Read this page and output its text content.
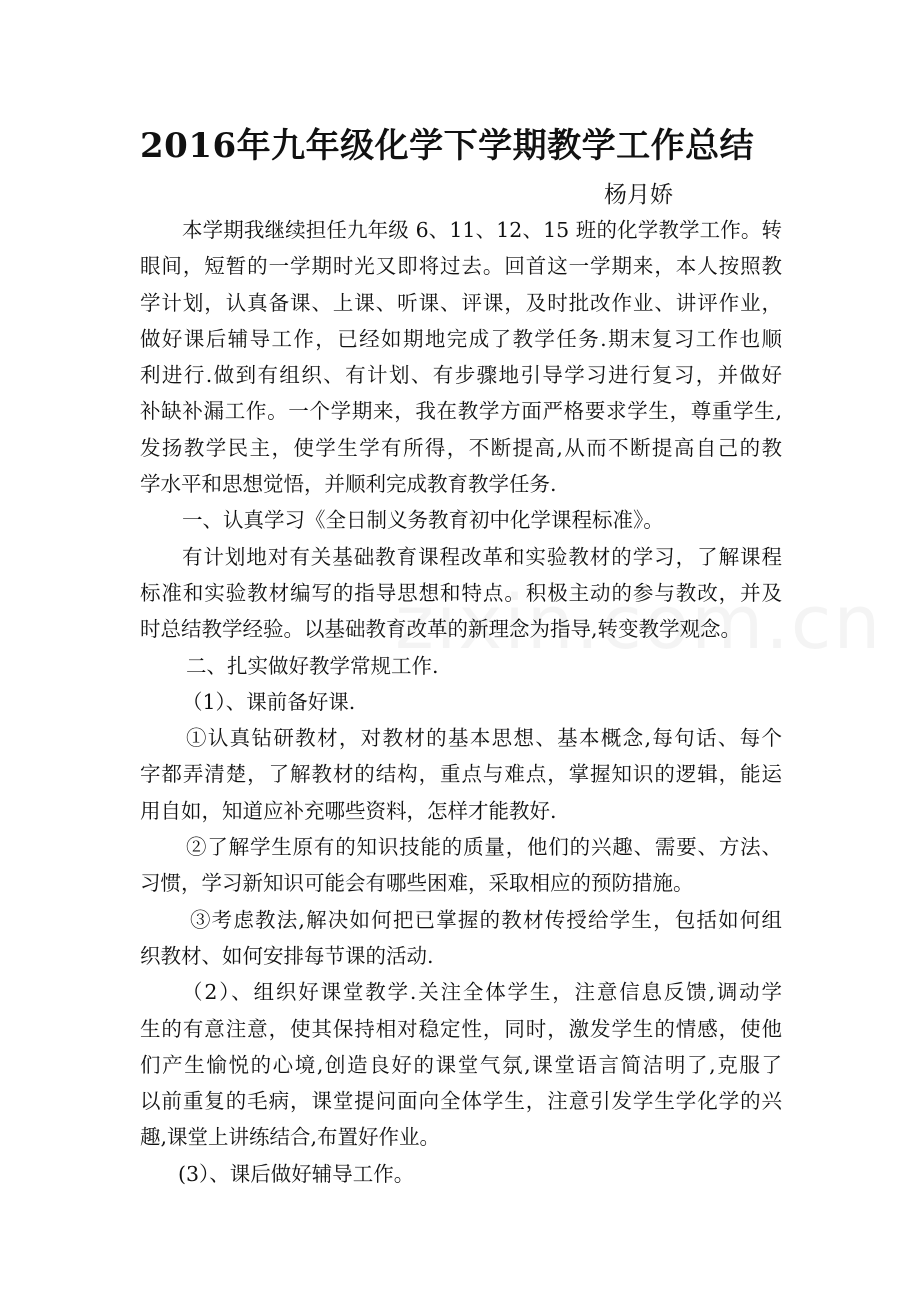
2016年九年级化学下学期教学工作总结
杨月娇
本学期我继续担任九年级 6、11、12、15 班的化学教学工作。转
眼间，短暂的一学期时光又即将过去。回首这一学期来，本人按照教
学计划，认真备课、上课、听课、评课，及时批改作业、讲评作业，
做好课后辅导工作，已经如期地完成了教学任务.期末复习工作也顺
利进行.做到有组织、有计划、有步骤地引导学习进行复习，并做好
补缺补漏工作。一个学期来，我在教学方面严格要求学生，尊重学生,
发扬教学民主，使学生学有所得，不断提高,从而不断提高自己的教
学水平和思想觉悟，并顺利完成教育教学任务.
一、认真学习《全日制义务教育初中化学课程标准》。
有计划地对有关基础教育课程改革和实验教材的学习，了解课程
标准和实验教材编写的指导思想和特点。积极主动的参与教改，并及
时总结教学经验。以基础教育改革的新理念为指导,转变教学观念。
二、扎实做好教学常规工作.
（1）、课前备好课.
①认真钻研教材，对教材的基本思想、基本概念,每句话、每个
字都弄清楚，了解教材的结构，重点与难点，掌握知识的逻辑，能运
用自如，知道应补充哪些资料，怎样才能教好.
②了解学生原有的知识技能的质量，他们的兴趣、需要、方法、
习惯，学习新知识可能会有哪些困难，采取相应的预防措施。
③考虑教法,解决如何把已掌握的教材传授给学生，包括如何组
织教材、如何安排每节课的活动.
（2）、组织好课堂教学.关注全体学生，注意信息反馈,调动学
生的有意注意，使其保持相对稳定性，同时，激发学生的情感，使他
们产生愉悦的心境,创造良好的课堂气氛,课堂语言简洁明了,克服了
以前重复的毛病，课堂提问面向全体学生，注意引发学生学化学的兴
趣,课堂上讲练结合,布置好作业。
(3）、课后做好辅导工作。
